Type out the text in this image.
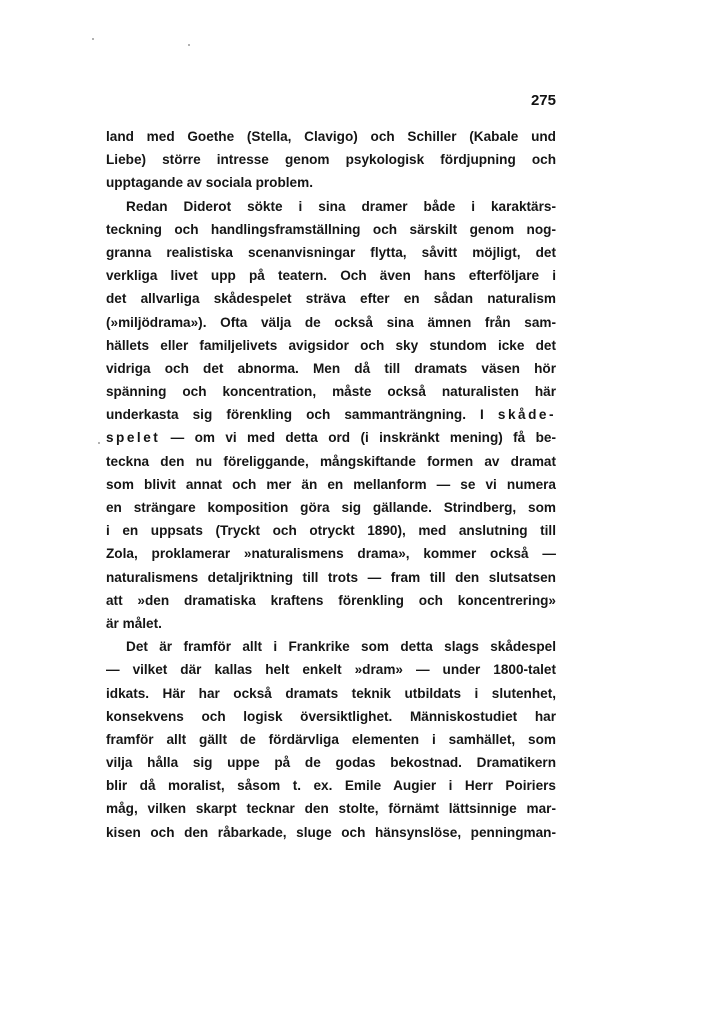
275
land med Goethe (Stella, Clavigo) och Schiller (Kabale und
Liebe) större intresse genom psykologisk fördjupning och
upptagande av sociala problem.
Redan Diderot sökte i sina dramer både i karaktärs-
teckning och handlingsframställning och särskilt genom nog-
granna realistiska scenanvisningar flytta, såvitt möjligt, det
verkliga livet upp på teatern. Och även hans efterföljare i
det allvarliga skådespelet sträva efter en sådan naturalism
(»miljödrama»). Ofta välja de också sina ämnen från sam-
hällets eller familjelivets avigsidor och sky stundom icke det
vidriga och det abnorma. Men då till dramats väsen hör
spänning och koncentration, måste också naturalisten här
underkasta sig förenkling och sammanträngning. I skåde-
spelet — om vi med detta ord (i inskränkt mening) få be-
teckna den nu föreliggande, mångskiftande formen av dramat
som blivit annat och mer än en mellanform — se vi numera
en strängare komposition göra sig gällande. Strindberg, som
i en uppsats (Tryckt och otryckt 1890), med anslutning till
Zola, proklamerar »naturalismens drama», kommer också —
naturalismens detaljriktning till trots — fram till den slutsatsen
att »den dramatiska kraftens förenkling och koncentrering»
är målet.
Det är framför allt i Frankrike som detta slags skådespel
— vilket där kallas helt enkelt »dram» — under 1800-talet
idkats. Här har också dramats teknik utbildats i slutenhet,
konsekvens och logisk översiktlighet. Människostudiet har
framför allt gällt de fördärvliga elementen i samhället, som
vilja hålla sig uppe på de godas bekostnad. Dramatikern
blir då moralist, såsom t. ex. Emile Augier i Herr Poiriers
måg, vilken skarpt tecknar den stolte, förnämt lättsinnige mar-
kisen och den råbarkade, sluge och hänsynslöse, penningman-
